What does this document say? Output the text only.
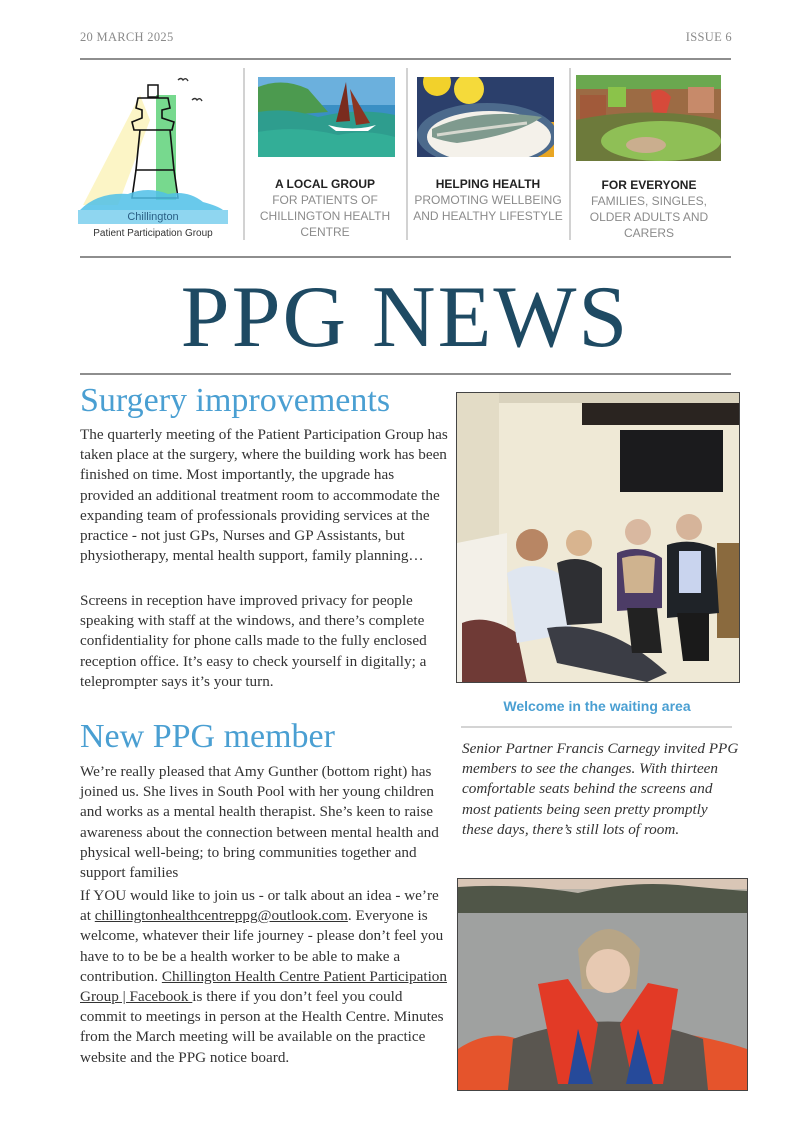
20 MARCH 2025	ISSUE 6
Chillington
Patient Participation Group
A LOCAL GROUP
FOR PATIENTS OF CHILLINGTON HEALTH CENTRE
HELPING HEALTH
PROMOTING WELLBEING AND HEALTHY LIFESTYLE
FOR EVERYONE
FAMILIES, SINGLES, OLDER ADULTS AND CARERS
PPG NEWS
Surgery improvements
The quarterly meeting of the Patient Participation Group has taken place at the surgery, where the building work has been finished on time. Most importantly, the upgrade has provided an additional treatment room to accommodate the expanding team of professionals providing services at the practice - not just GPs, Nurses and GP Assistants, but physiotherapy, mental health support, family planning…
Screens in reception have improved privacy for people speaking with staff at the windows, and there’s complete confidentiality for phone calls made to the fully enclosed reception office. It’s easy to check yourself in digitally; a teleprompter says it’s your turn.
New PPG member
We’re really pleased that Amy Gunther (bottom right) has joined us. She lives in South Pool with her young children and works as a mental health therapist. She’s keen to raise awareness about the connection between mental health and physical well-being; to bring communities together and support families
If YOU would like to join us - or talk about an idea - we’re at chillingtonhealthcentreppg@outlook.com. Everyone is welcome, whatever their life journey - please don’t feel you have to to be be a health worker to be able to make a contribution. Chillington Health Centre Patient Participation Group | Facebook is there if you don’t feel you could commit to meetings in person at the Health Centre. Minutes from the March meeting will be available on the practice website and the PPG notice board.
Welcome in the waiting area
Senior Partner Francis Carnegy invited PPG members to see the changes. With thirteen comfortable seats behind the screens and most patients being seen pretty promptly these days, there’s still lots of room.
